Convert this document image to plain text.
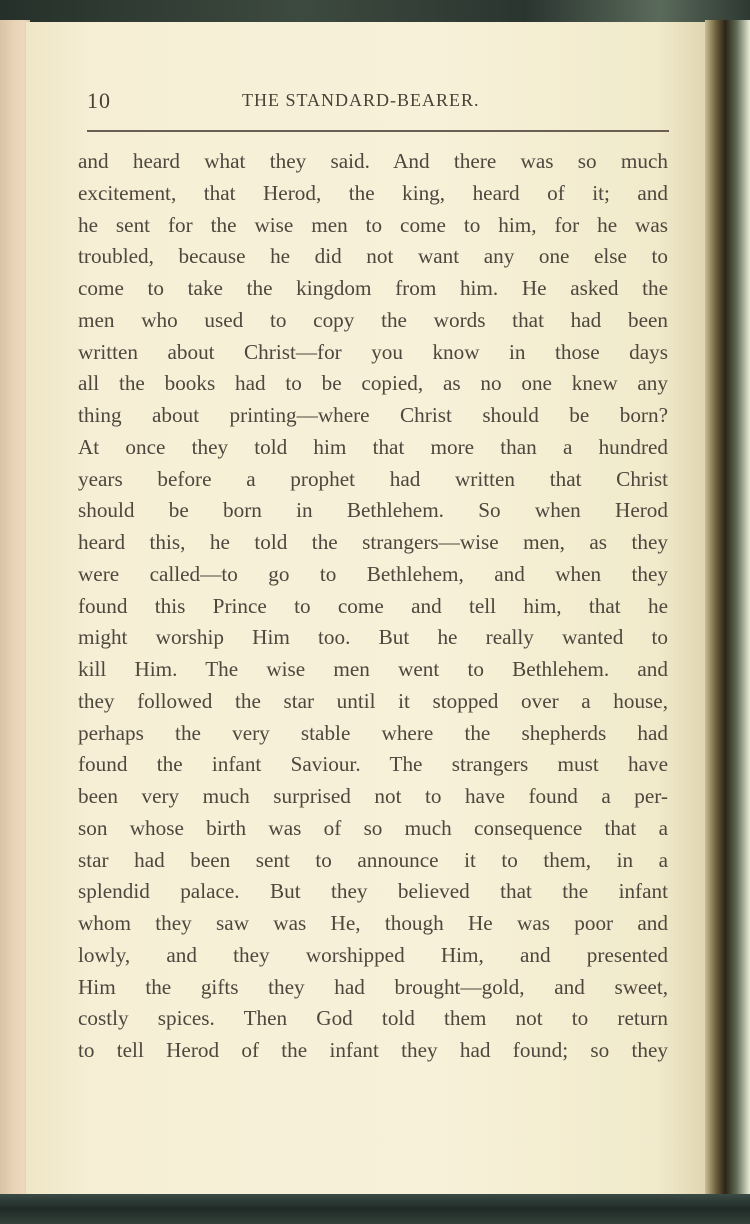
10	THE STANDARD-BEARER.
and heard what they said. And there was so much
excitement, that Herod, the king, heard of it; and
he sent for the wise men to come to him, for he was
troubled, because he did not want any one else to
come to take the kingdom from him. He asked the
men who used to copy the words that had been
written about Christ—for you know in those days
all the books had to be copied, as no one knew any
thing about printing—where Christ should be born?
At once they told him that more than a hundred
years before a prophet had written that Christ
should be born in Bethlehem. So when Herod
heard this, he told the strangers—wise men, as they
were called—to go to Bethlehem, and when they
found this Prince to come and tell him, that he
might worship Him too. But he really wanted to
kill Him. The wise men went to Bethlehem. and
they followed the star until it stopped over a house,
perhaps the very stable where the shepherds had
found the infant Saviour. The strangers must have
been very much surprised not to have found a per-
son whose birth was of so much consequence that a
star had been sent to announce it to them, in a
splendid palace. But they believed that the infant
whom they saw was He, though He was poor and
lowly, and they worshipped Him, and presented
Him the gifts they had brought—gold, and sweet,
costly spices. Then God told them not to return
to tell Herod of the infant they had found; so they
